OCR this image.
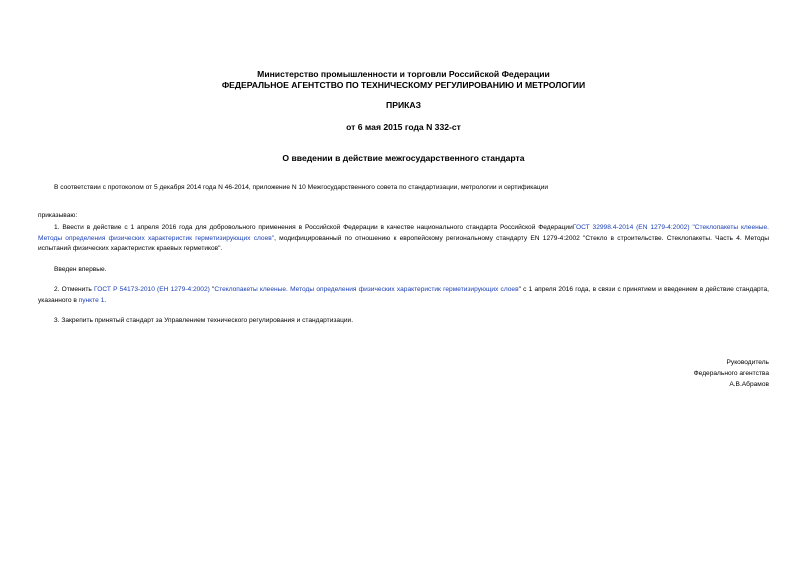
Министерство промышленности и торговли Российской Федерации
ФЕДЕРАЛЬНОЕ АГЕНТСТВО ПО ТЕХНИЧЕСКОМУ РЕГУЛИРОВАНИЮ И МЕТРОЛОГИИ
ПРИКАЗ
от 6 мая 2015 года N 332-ст
О введении в действие межгосударственного стандарта
В соответствии с протоколом от 5 декабря 2014 года N 46-2014, приложение N 10 Межгосударственного совета по стандартизации, метрологии и сертификации
приказываю:

1. Ввести в действие с 1 апреля 2016 года для добровольного применения в Российской Федерации в качестве национального стандарта Российской ФедерацииГОСТ 32998.4-2014 (EN 1279-4:2002) "Стеклопакеты клееные. Методы определения физических характеристик герметизирующих слоев", модифицированный по отношению к европейскому региональному стандарту EN 1279-4:2002 "Стекло в строительстве. Стеклопакеты. Часть 4. Методы испытаний физических характеристик краевых герметиков".

Введен впервые.

2. Отменить ГОСТ Р 54173-2010 (ЕН 1279-4:2002) "Стеклопакеты клееные. Методы определения физических характеристик герметизирующих слоев" с 1 апреля 2016 года, в связи с принятием и введением в действие стандарта, указанного в пункте 1.

3. Закрепить принятый стандарт за Управлением технического регулирования и стандартизации.
Руководитель
Федерального агентства
А.В.Абрамов
